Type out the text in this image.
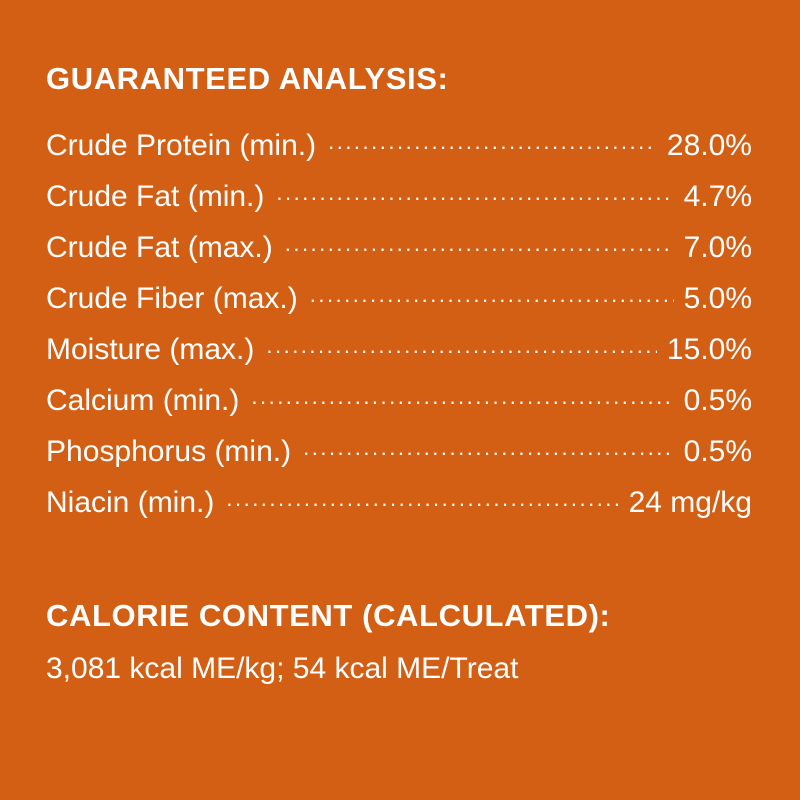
GUARANTEED ANALYSIS:
Crude Protein (min.) .....	28.0%
Crude Fat (min.) .....	4.7%
Crude Fat (max.) .....	7.0%
Crude Fiber (max.) .....	5.0%
Moisture (max.) .....	15.0%
Calcium (min.) .....	0.5%
Phosphorus (min.) .....	0.5%
Niacin (min.) .....	24 mg/kg
CALORIE CONTENT (CALCULATED):
3,081 kcal ME/kg; 54 kcal ME/Treat
